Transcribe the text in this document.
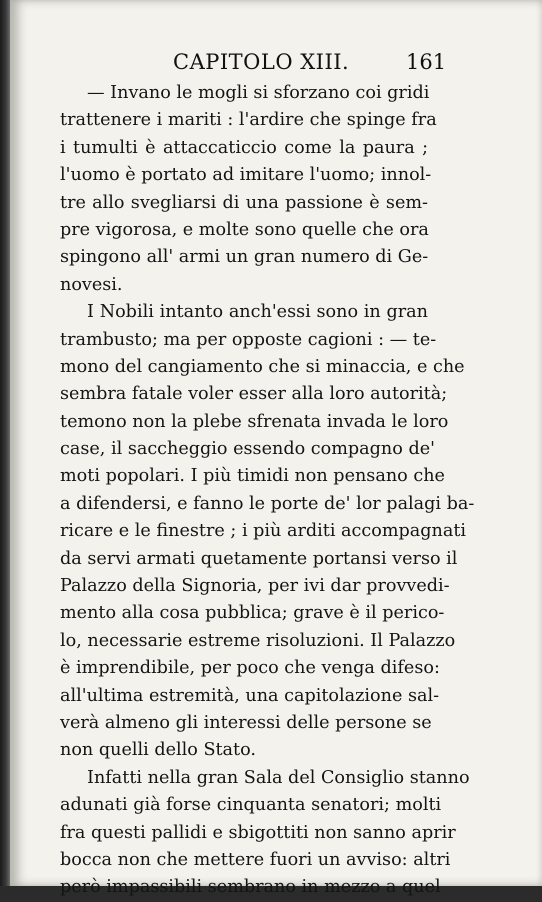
CAPITOLO XIII.	161
— Invano le mogli si sforzano coi gridi
trattenere i mariti : l'ardire che spinge fra
i tumulti è attaccaticcio come la paura ;
l'uomo è portato ad imitare l'uomo; innol-
tre allo svegliarsi di una passione è sem-
pre vigorosa, e molte sono quelle che ora
spingono all' armi un gran numero di Ge-
novesi.
I Nobili intanto anch'essi sono in gran
trambusto; ma per opposte cagioni : — te-
mono del cangiamento che si minaccia, e che
sembra fatale voler esser alla loro autorità;
temono non la plebe sfrenata invada le loro
case, il saccheggio essendo compagno de'
moti popolari. I più timidi non pensano che
a difendersi, e fanno le porte de' lor palagi ba-
ricare e le finestre ; i più arditi accompagnati
da servi armati quetamente portansi verso il
Palazzo della Signoria, per ivi dar provvedi-
mento alla cosa pubblica; grave è il perico-
lo, necessarie estreme risoluzioni. Il Palazzo
è imprendibile, per poco che venga difeso:
all'ultima estremità, una capitolazione sal-
verà almeno gli interessi delle persone se
non quelli dello Stato.
Infatti nella gran Sala del Consiglio stanno
adunati già forse cinquanta senatori; molti
fra questi pallidi e sbigottiti non sanno aprir
bocca non che mettere fuori un avviso: altri
però impassibili sembrano in mezzo a quel
